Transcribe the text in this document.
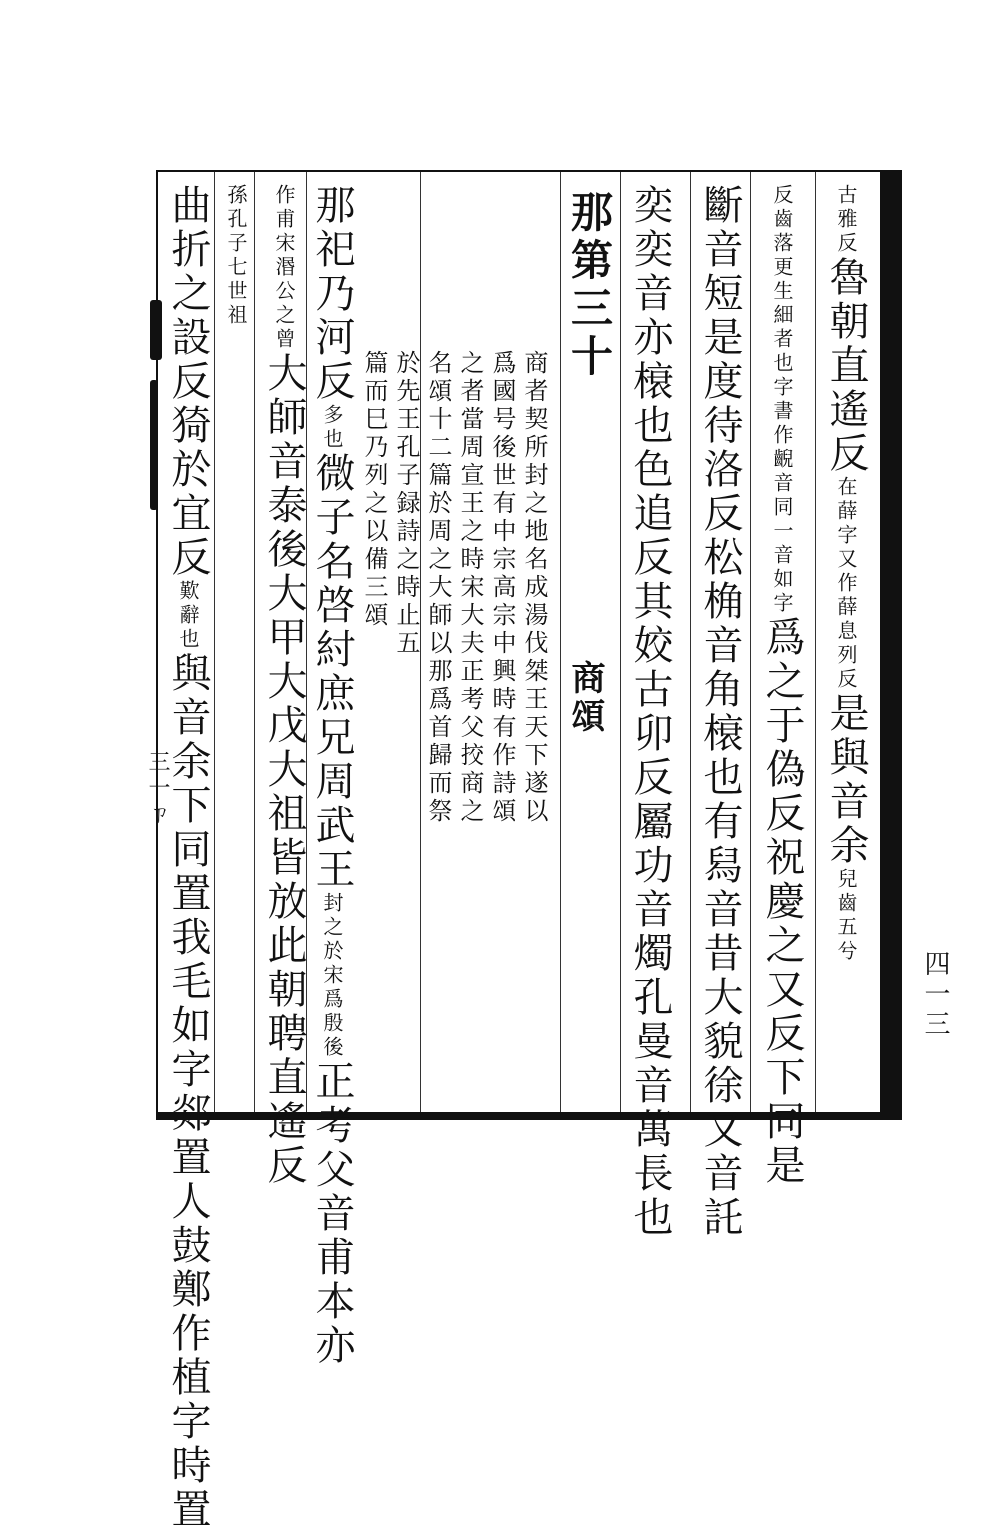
古雅反魯朝直遙反在薛字又作薛息列反是與音余兒齒五兮
反齒落更生細者也字書作齯音同一音如字爲之于偽反祝慶之又反下同是
斷音短是度待洛反松桷音角榱也有舄音昔大貌徐又音託
奕奕音亦榱也色追反其姣古卯反屬功音燭孔曼音萬長也
那第三十
商頌
商者契所封之地名成湯伐桀王天下遂以
爲國号後世有中宗高宗中興時有作詩頌
之者當周宣王之時宋大夫正考父挍商之
名頌十二篇於周之大師以那爲首歸而祭
於先王孔子録詩之時止五
篇而巳乃列之以備三頌
那祀乃河反多也微子名啓紂庶兄周武王封之於宋爲殷後正考父音甫本亦
作甫宋湣公之曾大師音泰後大甲大戊大祖皆放此朝聘直遙反
孫孔子七世祖
曲折之設反猗於宜反歎辭也與音余下同置我毛如字郯置人鼓鄭作植字時置
三一ㄗ
四一三
